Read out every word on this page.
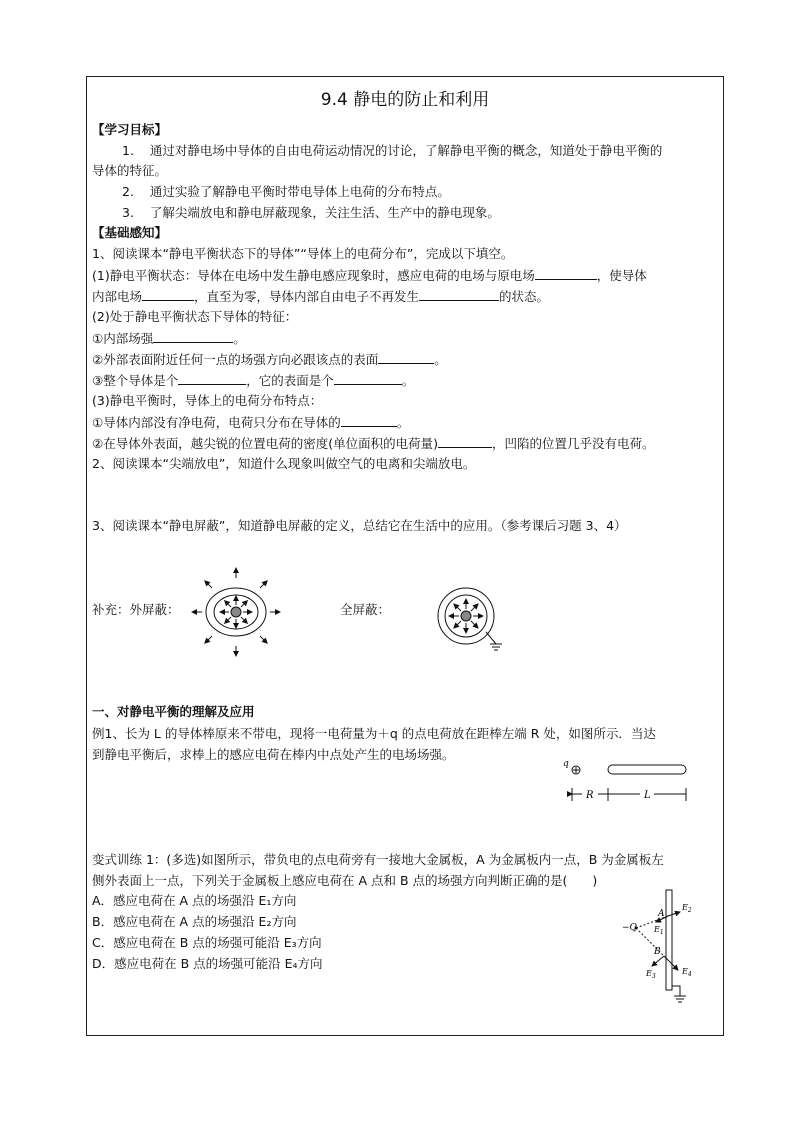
9.4 静电的防止和利用
【学习目标】
1. 通过对静电场中导体的自由电荷运动情况的讨论，了解静电平衡的概念，知道处于静电平衡的
导体的特征。
2. 通过实验了解静电平衡时带电导体上电荷的分布特点。
3. 了解尖端放电和静电屏蔽现象，关注生活、生产中的静电现象。
【基础感知】
1、阅读课本“静电平衡状态下的导体”“导体上的电荷分布”，完成以下填空。
(1)静电平衡状态：导体在电场中发生静电感应现象时，感应电荷的电场与原电场	，使导体
内部电场	，直至为零，导体内部自由电子不再发生	的状态。
(2)处于静电平衡状态下导体的特征：
①内部场强	。
②外部表面附近任何一点的场强方向必跟该点的表面	。
③整个导体是个	，它的表面是个	。
(3)静电平衡时，导体上的电荷分布特点：
①导体内部没有净电荷，电荷只分布在导体的	。
②在导体外表面，越尖锐的位置电荷的密度(单位面积的电荷量)	，凹陷的位置几乎没有电荷。
2、阅读课本“尖端放电”，知道什么现象叫做空气的电离和尖端放电。
3、阅读课本“静电屏蔽”，知道静电屏蔽的定义，总结它在生活中的应用。（参考课后习题 3、4）
补充：外屏蔽：	全屏蔽：
一、对静电平衡的理解及应用
例1、长为 L 的导体棒原来不带电，现将一电荷量为＋q 的点电荷放在距棒左端 R 处，如图所示．当达
到静电平衡后，求棒上的感应电荷在棒内中点处产生的电场场强。
q
R	L
变式训练 1：(多选)如图所示，带负电的点电荷旁有一接地大金属板，A 为金属板内一点，B 为金属板左
侧外表面上一点，下列关于金属板上感应电荷在 A 点和 B 点的场强方向判断正确的是(　　)
A．感应电荷在 A 点的场强沿 E₁方向
B．感应电荷在 A 点的场强沿 E₂方向
C．感应电荷在 B 点的场强可能沿 E₃方向
D．感应电荷在 B 点的场强可能沿 E₄方向
−Q
A
$E_2$
$E_1$
B
$E_4$
$E_3$
